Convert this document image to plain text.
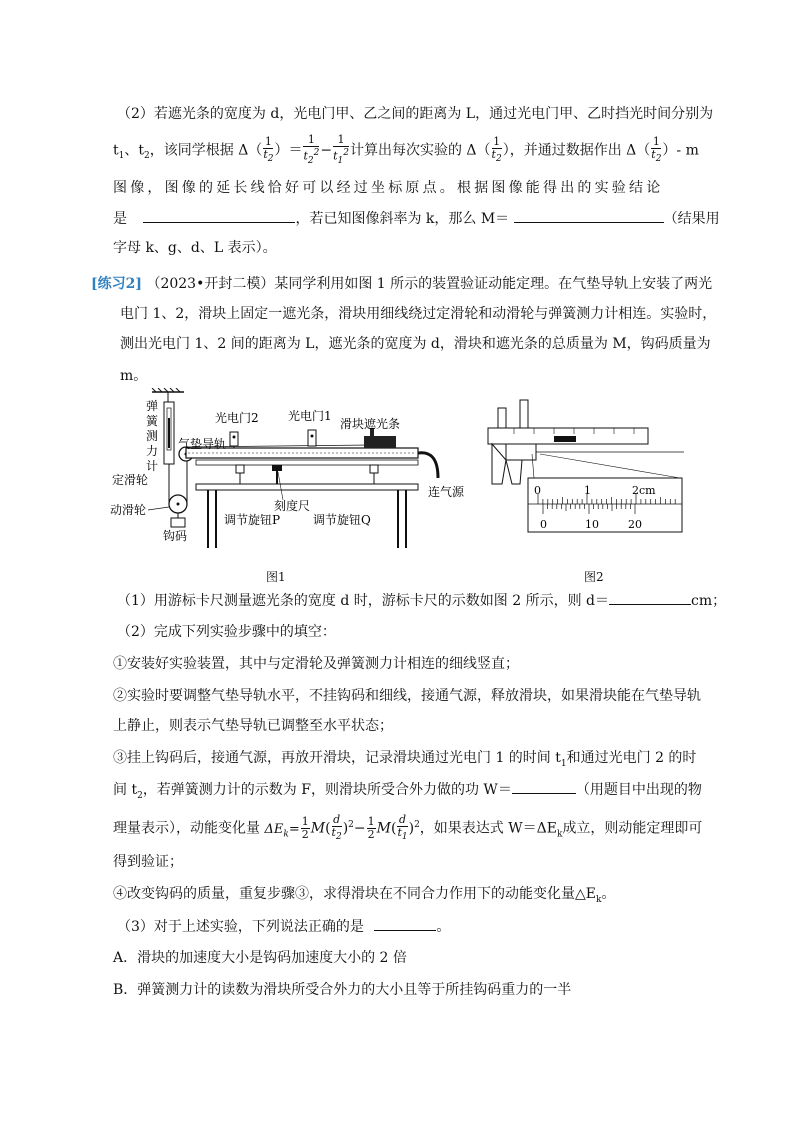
（2）若遮光条的宽度为 d，光电门甲、乙之间的距离为 L，通过光电门甲、乙时挡光时间分别为
$t_1$、$t_2$，该同学根据 $\Delta( \frac{1}{t_2}$ ）＝ $\frac{1}{t_2^2} - \frac{1}{t_1^2}$ 计算出每次实验的 $\Delta( \frac{1}{t_2}$ ），并通过数据作出 $\Delta( \frac{1}{t_2}$ ）- m
图像，图像的延长线恰好可以经过坐标原点。根据图像能得出的实验结论
是	，若已知图像斜率为 k，那么 M＝	（结果用
字母 k、g、d、L 表示）。
[练习2] （2023•开封二模）某同学利用如图 1 所示的装置验证动能定理。在气垫导轨上安装了两光
电门 1、2，滑块上固定一遮光条，滑块用细线绕过定滑轮和动滑轮与弹簧测力计相连。实验时，
测出光电门 1、2 间的距离为 L，遮光条的宽度为 d，滑块和遮光条的总质量为 M，钩码质量为
m。
弹
簧
测
力
计
定滑轮
动滑轮
钩码
气垫导轨
光电门2 光电门1
滑块遮光条
连气源
刻度尺
调节旋钮P	调节旋钮Q
图1
0	1	2cm
0	10	20
图2
（1）用游标卡尺测量遮光条的宽度 d 时，游标卡尺的示数如图 2 所示，则 d＝	cm；
（2）完成下列实验步骤中的填空：
①安装好实验装置，其中与定滑轮及弹簧测力计相连的细线竖直；
②实验时要调整气垫导轨水平，不挂钩码和细线，接通气源，释放滑块，如果滑块能在气垫导轨
上静止，则表示气垫导轨已调整至水平状态；
③挂上钩码后，接通气源，再放开滑块，记录滑块通过光电门 1 的时间 $t_1$和通过光电门 2 的时
间 $t_2$，若弹簧测力计的示数为 F，则滑块所受合外力做的功 W＝	（用题目中出现的物
理量表示），动能变化量 $\Delta E_k= \frac{1}{2} M( \frac{d}{t_2} )^2- \frac{1}{2} M( \frac{d}{t_1} )^2$，如果表达式 $W=\Delta E_k$成立，则动能定理即可
得到验证；
④改变钩码的质量，重复步骤③，求得滑块在不同合力作用下的动能变化量$\triangle E_k$。
（3）对于上述实验，下列说法正确的是	。
A．滑块的加速度大小是钩码加速度大小的 2 倍
B．弹簧测力计的读数为滑块所受合外力的大小且等于所挂钩码重力的一半
